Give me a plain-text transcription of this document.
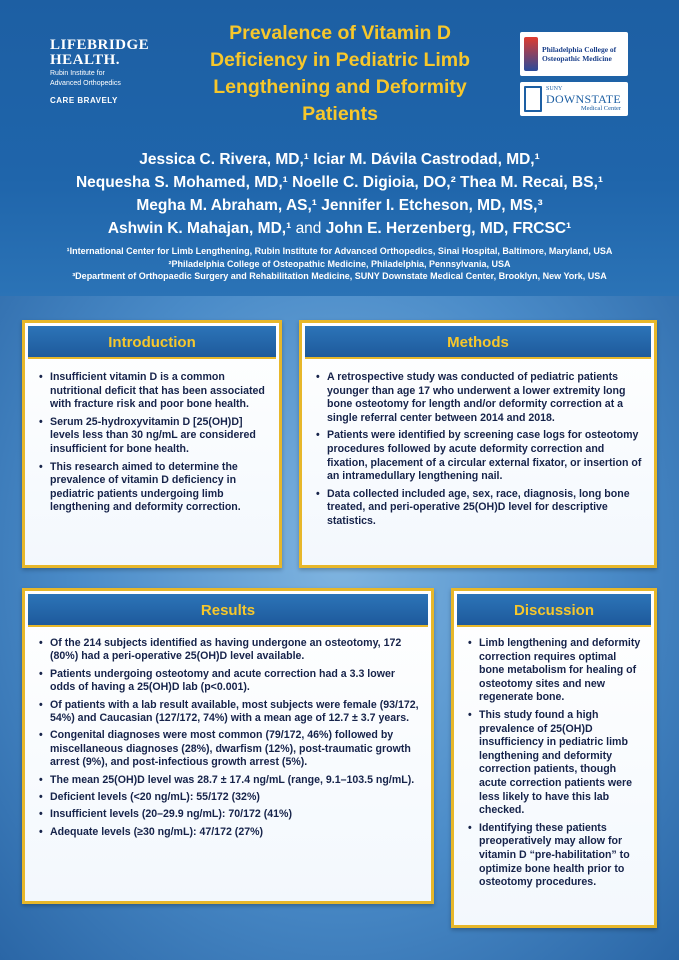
LIFEBRIDGE
HEALTH.
Rubin Institute for
Advanced Orthopedics
CARE BRAVELY
Prevalence of Vitamin D Deficiency in Pediatric Limb Lengthening and Deformity Patients
Philadelphia College of
Osteopathic Medicine
SUNY
DOWNSTATE
Medical Center
Jessica C. Rivera, MD,¹ Iciar M. Dávila Castrodad, MD,¹
Nequesha S. Mohamed, MD,¹ Noelle C. Digioia, DO,² Thea M. Recai, BS,¹
Megha M. Abraham, AS,¹ Jennifer I. Etcheson, MD, MS,³
Ashwin K. Mahajan, MD,¹ and John E. Herzenberg, MD, FRCSC¹
¹International Center for Limb Lengthening, Rubin Institute for Advanced Orthopedics, Sinai Hospital, Baltimore, Maryland, USA
²Philadelphia College of Osteopathic Medicine, Philadelphia, Pennsylvania, USA
³Department of Orthopaedic Surgery and Rehabilitation Medicine, SUNY Downstate Medical Center, Brooklyn, New York, USA
Introduction
• Insufficient vitamin D is a common nutritional deficit that has been associated with fracture risk and poor bone health.
• Serum 25-hydroxyvitamin D [25(OH)D] levels less than 30 ng/mL are considered insufficient for bone health.
• This research aimed to determine the prevalence of vitamin D deficiency in pediatric patients undergoing limb lengthening and deformity correction.
Methods
• A retrospective study was conducted of pediatric patients younger than age 17 who underwent a lower extremity long bone osteotomy for length and/or deformity correction at a single referral center between 2014 and 2018.
• Patients were identified by screening case logs for osteotomy procedures followed by acute deformity correction and fixation, placement of a circular external fixator, or insertion of an intramedullary lengthening nail.
• Data collected included age, sex, race, diagnosis, long bone treated, and peri-operative 25(OH)D level for descriptive statistics.
Results
• Of the 214 subjects identified as having undergone an osteotomy, 172 (80%) had a peri-operative 25(OH)D level available.
• Patients undergoing osteotomy and acute correction had a 3.3 lower odds of having a 25(OH)D lab (p<0.001).
• Of patients with a lab result available, most subjects were female (93/172, 54%) and Caucasian (127/172, 74%) with a mean age of 12.7 ± 3.7 years.
• Congenital diagnoses were most common (79/172, 46%) followed by miscellaneous diagnoses (28%), dwarfism (12%), post-traumatic growth arrest (9%), and post-infectious growth arrest (5%).
• The mean 25(OH)D level was 28.7 ± 17.4 ng/mL (range, 9.1–103.5 ng/mL).
• Deficient levels (<20 ng/mL): 55/172 (32%)
• Insufficient levels (20–29.9 ng/mL): 70/172 (41%)
• Adequate levels (≥30 ng/mL): 47/172 (27%)
Discussion
• Limb lengthening and deformity correction requires optimal bone metabolism for healing of osteotomy sites and new regenerate bone.
• This study found a high prevalence of 25(OH)D insufficiency in pediatric limb lengthening and deformity correction patients, though acute correction patients were less likely to have this lab checked.
• Identifying these patients preoperatively may allow for vitamin D “pre-habilitation” to optimize bone health prior to osteotomy procedures.
